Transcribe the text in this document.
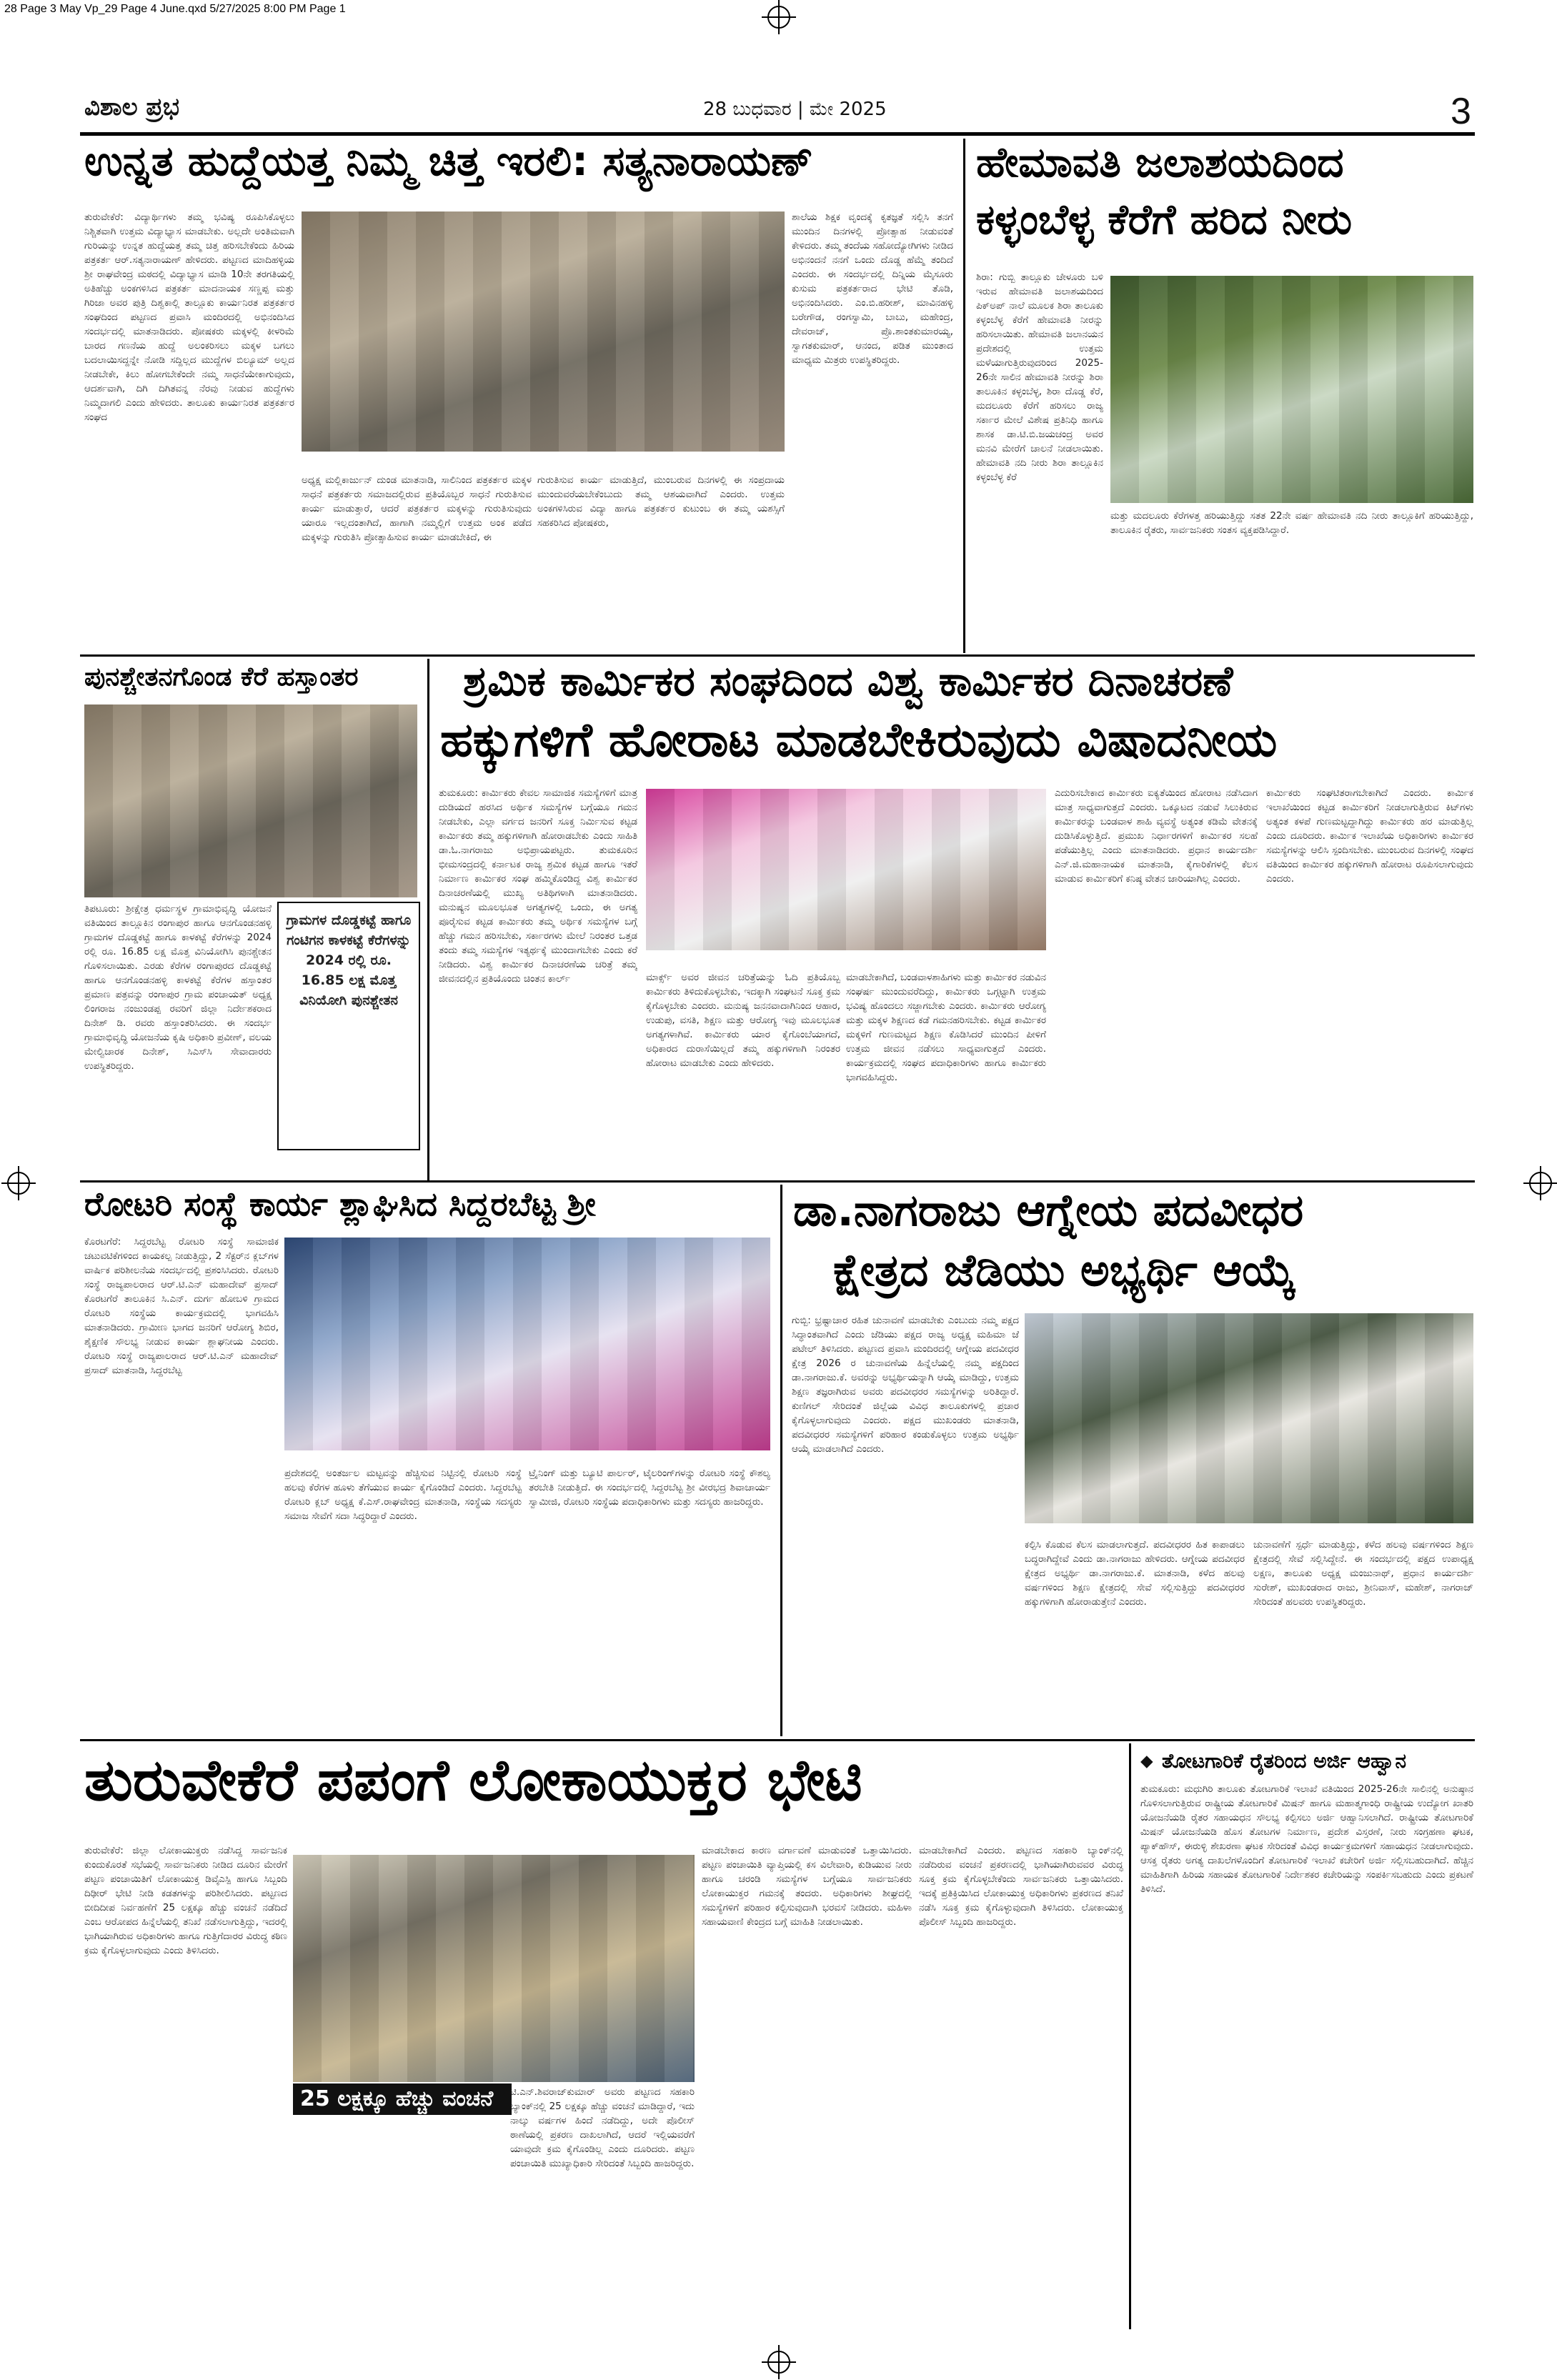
28 Page 3 May Vp_29 Page 4 June.qxd 5/27/2025 8:00 PM Page 1
ವಿಶಾಲ ಪ್ರಭ	28 ಬುಧವಾರ | ಮೇ 2025	3
ಉನ್ನತ ಹುದ್ದೆಯತ್ತ ನಿಮ್ಮ ಚಿತ್ತ ಇರಲಿ: ಸತ್ಯನಾರಾಯಣ್
ತುರುವೇಕೆರೆ: ವಿದ್ಯಾರ್ಥಿಗಳು ತಮ್ಮ ಭವಿಷ್ಯ ರೂಪಿಸಿಕೊಳ್ಳಲು ನಿಶ್ಚಿತವಾಗಿ ಉತ್ತಮ ವಿದ್ಯಾಭ್ಯಾಸ ಮಾಡಬೇಕು. ಅಲ್ಲದೇ ಅಂತಿಮವಾಗಿ ಗುರಿಯನ್ನು ಉನ್ನತ ಹುದ್ದೆಯತ್ತ ತಮ್ಮ ಚಿತ್ತ ಹರಿಸಬೇಕೆಂದು ಹಿರಿಯ ಪತ್ರಕರ್ತ ಆರ್.ಸತ್ಯನಾರಾಯಣ್ ಹೇಳಿದರು. ಪಟ್ಟಣದ ಮಾದಿಹಳ್ಳಿಯ ಶ್ರೀ ರಾಘವೇಂದ್ರ ಮಠದಲ್ಲಿ ವಿದ್ಯಾಭ್ಯಾಸ ಮಾಡಿ 10ನೇ ತರಗತಿಯಲ್ಲಿ ಅತಿಹೆಚ್ಚು ಅಂಕಗಳಿಸಿದ ಪತ್ರಕರ್ತ ಮಾದನಾಯಕ ಸಣ್ಣಪ್ಪ ಮತ್ತು ಗಿರಿಜಾ ಅವರ ಪುತ್ರಿ ದಿಶ್ವಕಾಲ್ಲಿ ತಾಲ್ಲೂಕು ಕಾರ್ಯನಿರತ ಪತ್ರಕರ್ತರ ಸಂಘದಿಂದ ಪಟ್ಟಣದ ಪ್ರವಾಸಿ ಮಂದಿರದಲ್ಲಿ ಅಭಿನಂದಿಸಿದ ಸಂದರ್ಭದಲ್ಲಿ ಮಾತನಾಡಿದರು. ಪೋಷಕರು ಮಕ್ಕಳಲ್ಲಿ ಕೀಳರಿಮೆ ಬಾರದ ಗಣನೆಯ ಹುದ್ದೆ ಅಲಂಕರಿಸಲು ಮಕ್ಕಳ ಬಗಲು ಬದಲಾಯಿಸದ್ದನ್ನೇ ನೋಡಿ ಸದ್ದಿಲ್ಲದ ಮುದ್ದೆಗಳ ಬಿಲ್ಯೂಮ್ ಅಲ್ಲದ ನೀಡಬೇಕೇ, ಕಿಲು ಹೋಗಬೇಕೆಂದೇ ನಮ್ಮ ಸಾಧನೆಯೇಕಾಗುವುದು, ಆದರ್ಶವಾಗಿ, ದಿಗಿ ದಿಗಿತವನ್ನ ನೆರವು ನೀಡುವ ಹುದ್ದೆಗಳು ನಿಮ್ಮದಾಗಲಿ ಎಂದು ಹೇಳಿದರು. ತಾಲೂಕು ಕಾರ್ಯನಿರತ ಪತ್ರಕರ್ತರ ಸಂಘದ
ಅಧ್ಯಕ್ಷ ಮಲ್ಲಿಕಾರ್ಜುನ್ ದುಂಡ ಮಾತನಾಡಿ, ಸಾಲಿನಿಂದ ಪತ್ರಕರ್ತರ ಮಕ್ಕಳ ಸಾಧನೆ ಪತ್ರಕರ್ತರು ಸಮಾಜದಲ್ಲಿರುವ ಪ್ರತಿಯೊಬ್ಬರ ಸಾಧನೆ ಗುರುತಿಸುವ ಕಾರ್ಯ ಮಾಡುತ್ತಾರೆ, ಆದರೆ ಪತ್ರಕರ್ತರ ಮಕ್ಕಳನ್ನು ಗುರುತಿಸುವುದು ಯಾರೂ ಇಲ್ಲದಂತಾಗಿದೆ, ಹಾಗಾಗಿ ನಮ್ಮಲ್ಲಿಗೆ ಉತ್ತಮ ಅಂಕ ಪಡೆದ ಮಕ್ಕಳನ್ನು ಗುರುತಿಸಿ ಪ್ರೋತ್ಸಾಹಿಸುವ ಕಾರ್ಯ ಮಾಡಬೇಕಿದೆ, ಈ
ಗುರುತಿಸುವ ಕಾರ್ಯ ಮಾಡುತ್ತಿದೆ, ಮುಂಬರುವ ದಿನಗಳಲ್ಲಿ ಈ ಸಂಪ್ರದಾಯ ಮುಂದುವರೆಯಬೇಕೆಂಬುದು ತಮ್ಮ ಆಶಯವಾಗಿದೆ ಎಂದರು. ಉತ್ತಮ ಅಂಕಗಳಿಸಿರುವ ವಿದ್ಯಾ ಹಾಗೂ ಪತ್ರಕರ್ತರ ಕುಟುಂಬ ಈ ತಮ್ಮ ಯಶಸ್ಸಿಗೆ ಸಹಕರಿಸಿದ ಪೋಷಕರು,
ಶಾಲೆಯ ಶಿಕ್ಷಕ ವೃಂದಕ್ಕೆ ಕೃತಜ್ಞತೆ ಸಲ್ಲಿಸಿ ತನಗೆ ಮುಂದಿನ ದಿನಗಳಲ್ಲಿ ಪ್ರೋತ್ಸಾಹ ನೀಡುವಂತೆ ಕೇಳಿದರು. ತಮ್ಮ ತಂದೆಯ ಸಹೋದ್ಯೋಗಿಗಳು ನೀಡಿದ ಅಭಿನಂದನೆ ನನಗೆ ಒಂದು ದೊಡ್ಡ ಹೆಮ್ಮೆ ತಂದಿದೆ ಎಂದರು. ಈ ಸಂದರ್ಭದಲ್ಲಿ ದಿನ್ನಿಯ ಮೈಸೂರು ಕುಸುಮ ಪತ್ರಕರ್ತರಾದ ಭೇಟಿ ತೊಡಿ, ಅಭಿನಂದಿಸಿದರು. ಎಂ.ಬಿ.ಹರೀಶ್, ಮಾವಿನಹಳ್ಳಿ ಬರೇಗೌಡ, ರಂಗಸ್ವಾಮಿ, ಬಾಬು, ಮಹೇಂದ್ರ, ದೇವರಾಜ್, ಪ್ರೊ.ಶಾಂತಕುಮಾರಯ್ಯ, ಸ್ವಾಗತಕುಮಾರ್, ಆನಂದ, ಪಡಿತ ಮುಂತಾದ ಮಾಧ್ಯಮ ಮಿತ್ರರು ಉಪಸ್ಥಿತರಿದ್ದರು.
ಹೇಮಾವತಿ ಜಲಾಶಯದಿಂದ
ಕಳ್ಳಂಬೆಳ್ಳ ಕೆರೆಗೆ ಹರಿದ ನೀರು
ಶಿರಾ: ಗುಬ್ಬಿ ತಾಲ್ಲೂಕು ಚೇಳೂರು ಬಳಿ ಇರುವ ಹೇಮಾವತಿ ಜಲಾಶಯದಿಂದ ಪಿಕ್‌ಅಪ್ ನಾಲೆ ಮೂಲಕ ಶಿರಾ ತಾಲೂಕು ಕಳ್ಳಂಬೆಳ್ಳ ಕೆರೆಗೆ ಹೇಮಾವತಿ ನೀರನ್ನು ಹರಿಸಲಾಯಿತು. ಹೇಮಾವತಿ ಜಲಾನಯನ ಪ್ರದೇಶದಲ್ಲಿ ಉತ್ತಮ ಮಳೆಯಾಗುತ್ತಿರುವುದರಿಂದ 2025-26ನೇ ಸಾಲಿನ ಹೇಮಾವತಿ ನೀರನ್ನು ಶಿರಾ ತಾಲೂಕಿನ ಕಳ್ಳಂಬೆಳ್ಳ, ಶಿರಾ ದೊಡ್ಡ ಕೆರೆ, ಮದಲೂರು ಕೆರೆಗೆ ಹರಿಸಲು ರಾಜ್ಯ ಸರ್ಕಾರ ಮೇಲೆ ವಿಶೇಷ ಪ್ರತಿನಿಧಿ ಹಾಗೂ ಶಾಸಕ ಡಾ.ಟಿ.ಬಿ.ಜಯಚಂದ್ರ ಅವರ ಮನವಿ ಮೇರೆಗೆ ಚಾಲನೆ ನೀಡಲಾಯಿತು. ಹೇಮಾವತಿ ನದಿ ನೀರು ಶಿರಾ ತಾಲ್ಲೂಕಿನ ಕಳ್ಳಂಬೆಳ್ಳ ಕೆರೆ
ಮತ್ತು ಮದಲೂರು ಕೆರೆಗಳತ್ತ ಹರಿಯುತ್ತಿದ್ದು ಸತತ 22ನೇ ವರ್ಷ ಹೇಮಾವತಿ ನದಿ ನೀರು ತಾಲ್ಲೂಕಿಗೆ ಹರಿಯುತ್ತಿದ್ದು, ತಾಲೂಕಿನ ರೈತರು, ಸಾರ್ವಜನಿಕರು ಸಂತಸ ವ್ಯಕ್ತಪಡಿಸಿದ್ದಾರೆ.
ಪುನಶ್ಚೇತನಗೊಂಡ ಕೆರೆ ಹಸ್ತಾಂತರ
ಗ್ರಾಮಗಳ ದೊಡ್ಡಕಟ್ಟೆ ಹಾಗೂ ಗಂಟಿಗನ ಕಾಳಕಟ್ಟೆ ಕೆರೆಗಳನ್ನು 2024 ರಲ್ಲಿ ರೂ. 16.85 ಲಕ್ಷ ಮೊತ್ತ ವಿನಿಯೋಗಿ ಪುನಶ್ಚೇತನ
ತಿಪಟೂರು: ಶ್ರೀಕ್ಷೇತ್ರ ಧರ್ಮಸ್ಥಳ ಗ್ರಾಮಾಭಿವೃದ್ಧಿ ಯೋಜನೆ ವತಿಯಿಂದ ತಾಲ್ಲೂಕಿನ ರಂಗಾಪುರ ಹಾಗೂ ಆನಗೊಂಡನಹಳ್ಳಿ ಗ್ರಾಮಗಳ ದೊಡ್ಡಕಟ್ಟೆ ಹಾಗೂ ಕಾಳಕಟ್ಟೆ ಕೆರೆಗಳನ್ನು 2024 ರಲ್ಲಿ ರೂ. 16.85 ಲಕ್ಷ ಮೊತ್ತ ವಿನಿಯೋಗಿಸಿ ಪುನಶ್ಚೇತನ ಗೊಳಿಸಲಾಯಿತು. ಎರಡು ಕೆರೆಗಳ ರಂಗಾಪುರದ ದೊಡ್ಡಕಟ್ಟೆ ಹಾಗೂ ಆನಗೊಂಡನಹಳ್ಳಿ ಕಾಳಕಟ್ಟೆ ಕೆರೆಗಳ ಹಸ್ತಾಂತರ ಪ್ರಮಾಣ ಪತ್ರವನ್ನು ರಂಗಾಪುರ ಗ್ರಾಮ ಪಂಚಾಯತ್ ಅಧ್ಯಕ್ಷ ಲಿಂಗರಾಜ ನಂಜುಂಡಪ್ಪ ರವರಿಗೆ ಜಿಲ್ಲಾ ನಿರ್ದೇಶಕರಾದ ದಿನೇಶ್ ಡಿ. ರವರು ಹಸ್ತಾಂತರಿಸಿದರು. ಈ ಸಂದರ್ಭ ಗ್ರಾಮಾಭಿವೃದ್ಧಿ ಯೋಜನೆಯ ಕೃಷಿ ಅಧಿಕಾರಿ ಪ್ರವೀಣ್, ವಲಯ ಮೇಲ್ವಿಚಾರಕ ದಿನೇಶ್, ಸಿಎಸ್‌ಸಿ ಸೇವಾದಾರರು ಉಪಸ್ಥಿತರಿದ್ದರು.
ಶ್ರಮಿಕ ಕಾರ್ಮಿಕರ ಸಂಘದಿಂದ ವಿಶ್ವ ಕಾರ್ಮಿಕರ ದಿನಾಚರಣೆ
ಹಕ್ಕುಗಳಿಗೆ ಹೋರಾಟ ಮಾಡಬೇಕಿರುವುದು ವಿಷಾದನೀಯ
ತುಮಕೂರು: ಕಾರ್ಮಿಕರು ಕೇವಲ ಸಾಮಾಜಿಕ ಸಮಸ್ಯೆಗಳಿಗೆ ಮಾತ್ರ ದುಡಿಯದೆ ಹರಸಿದ ಅರ್ಥಿಕ ಸಮಸ್ಯೆಗಳ ಬಗ್ಗೆಯೂ ಗಮನ ನೀಡಬೇಕು, ಎಲ್ಲಾ ವರ್ಗದ ಜನರಿಗೆ ಸೂಕ್ತ ನಿರ್ಮಿಸುವ ಕಟ್ಟಡ ಕಾರ್ಮಿಕರು ತಮ್ಮ ಹಕ್ಕುಗಳಿಗಾಗಿ ಹೋರಾಡಬೇಕು ಎಂದು ಸಾಹಿತಿ ಡಾ.ಓ.ನಾಗರಾಜು ಅಭಿಪ್ರಾಯಪಟ್ಟರು. ತುಮಕೂರಿನ ಭೀಮಸಂದ್ರದಲ್ಲಿ ಕರ್ನಾಟಕ ರಾಜ್ಯ ಶ್ರಮಿಕ ಕಟ್ಟಡ ಹಾಗೂ ಇತರೆ ನಿರ್ಮಾಣ ಕಾರ್ಮಿಕರ ಸಂಘ ಹಮ್ಮಿಕೊಂಡಿದ್ದ ವಿಶ್ವ ಕಾರ್ಮಿಕರ ದಿನಾಚರಣೆಯಲ್ಲಿ ಮುಖ್ಯ ಅತಿಥಿಗಳಾಗಿ ಮಾತನಾಡಿದರು. ಮನುಷ್ಯನ ಮೂಲಭೂತ ಅಗತ್ಯಗಳಲ್ಲಿ ಒಂದು, ಈ ಅಗತ್ಯ ಪೂರೈಸುವ ಕಟ್ಟಡ ಕಾರ್ಮಿಕರು ತಮ್ಮ ಅರ್ಥಿಕ ಸಮಸ್ಯೆಗಳ ಬಗ್ಗೆ ಹೆಚ್ಚು ಗಮನ ಹರಿಸಬೇಕು, ಸರ್ಕಾರಗಳು ಮೇಲೆ ನಿರಂತರ ಒತ್ತಡ ತಂದು ತಮ್ಮ ಸಮಸ್ಯೆಗಳ ಇತ್ಯರ್ಥಕ್ಕೆ ಮುಂದಾಗಬೇಕು ಎಂದು ಕರೆ ನೀಡಿದರು. ವಿಶ್ವ ಕಾರ್ಮಿಕರ ದಿನಾಚರಣೆಯ ಚರಿತ್ರೆ ತಮ್ಮ ಜೀವನದಲ್ಲಿನ ಪ್ರತಿಯೊಂದು ಚಿಂತನ ಕಾರ್ಲ್	ಮಾರ್ಕ್ಸ್ ಅವರ ಜೀವನ ಚರಿತ್ರೆಯನ್ನು ಓದಿ ಪ್ರತಿಯೊಬ್ಬ ಕಾರ್ಮಿಕರು ತಿಳಿದುಕೊಳ್ಳಬೇಕು, ಇದಕ್ಕಾಗಿ ಸಂಘಟನೆ ಸೂಕ್ತ ಕ್ರಮ ಕೈಗೊಳ್ಳಬೇಕು ಎಂದರು. ಮನುಷ್ಯ ಜನನವಾದಾಗಿನಿಂದ ಆಹಾರ, ಉಡುಪು, ವಸತಿ, ಶಿಕ್ಷಣ ಮತ್ತು ಆರೋಗ್ಯ ಇವು ಮೂಲಭೂತ ಅಗತ್ಯಗಳಾಗಿವೆ. ಕಾರ್ಮಿಕರು ಯಾರ ಕೈಗೊಂಬೆಯಾಗದೆ, ಅಧಿಕಾರದ ದುರಾಸೆಯಿಲ್ಲದೆ ತಮ್ಮ ಹಕ್ಕುಗಳಿಗಾಗಿ ನಿರಂತರ ಹೋರಾಟ ಮಾಡಬೇಕು ಎಂದು ಹೇಳಿದರು.
ಮಾಡಬೇಕಾಗಿದೆ, ಬಂಡವಾಳಶಾಹಿಗಳು ಮತ್ತು ಕಾರ್ಮಿಕರ ನಡುವಿನ ಸಂಘರ್ಷ ಮುಂದುವರೆದಿದ್ದು, ಕಾರ್ಮಿಕರು ಒಗ್ಗಟ್ಟಾಗಿ ಉತ್ತಮ ಭವಿಷ್ಯ ಹೊಂದಲು ಸಜ್ಜಾಗಬೇಕು ಎಂದರು. ಕಾರ್ಮಿಕರು ಆರೋಗ್ಯ ಮತ್ತು ಮಕ್ಕಳ ಶಿಕ್ಷಣದ ಕಡೆ ಗಮನಹರಿಸಬೇಕು. ಕಟ್ಟಡ ಕಾರ್ಮಿಕರ ಮಕ್ಕಳಿಗೆ ಗುಣಮಟ್ಟದ ಶಿಕ್ಷಣ ಕೊಡಿಸಿದರೆ ಮುಂದಿನ ಪೀಳಿಗೆ ಉತ್ತಮ ಜೀವನ ನಡೆಸಲು ಸಾಧ್ಯವಾಗುತ್ತದೆ ಎಂದರು. ಕಾರ್ಯಕ್ರಮದಲ್ಲಿ ಸಂಘದ ಪದಾಧಿಕಾರಿಗಳು ಹಾಗೂ ಕಾರ್ಮಿಕರು ಭಾಗವಹಿಸಿದ್ದರು.
ಎದುರಿಸಬೇಕಾದ ಕಾರ್ಮಿಕರು ಐಕ್ಯತೆಯಿಂದ ಹೋರಾಟ ನಡೆಸಿದಾಗ ಮಾತ್ರ ಸಾಧ್ಯವಾಗುತ್ತದೆ ಎಂದರು. ಒಕ್ಕೂಟದ ನಡುವೆ ಸಿಲುಕಿರುವ ಕಾರ್ಮಿಕರನ್ನು ಬಂಡವಾಳ ಶಾಹಿ ವ್ಯವಸ್ಥೆ ಅತ್ಯಂತ ಕಡಿಮೆ ವೇತನಕ್ಕೆ ದುಡಿಸಿಕೊಳ್ಳುತ್ತಿದೆ. ಪ್ರಮುಖ ನಿರ್ಧಾರಗಳಿಗೆ ಕಾರ್ಮಿಕರ ಸಲಹೆ ಪಡೆಯುತ್ತಿಲ್ಲ ಎಂದು ಮಾತನಾಡಿದರು. ಪ್ರಧಾನ ಕಾರ್ಯದರ್ಶಿ ಎನ್.ಜಿ.ಮಹಾನಾಯಕ ಮಾತನಾಡಿ, ಕೈಗಾರಿಕೆಗಳಲ್ಲಿ ಕೆಲಸ ಮಾಡುವ ಕಾರ್ಮಿಕರಿಗೆ ಕನಿಷ್ಠ ವೇತನ ಜಾರಿಯಾಗಿಲ್ಲ ಎಂದರು.
ಕಾರ್ಮಿಕರು ಸಂಘಟಿತರಾಗಬೇಕಾಗಿದೆ ಎಂದರು. ಕಾರ್ಮಿಕ ಇಲಾಖೆಯಿಂದ ಕಟ್ಟಡ ಕಾರ್ಮಿಕರಿಗೆ ನೀಡಲಾಗುತ್ತಿರುವ ಕಿಟ್‌ಗಳು ಅತ್ಯಂತ ಕಳಪೆ ಗುಣಮಟ್ಟದ್ದಾಗಿದ್ದು ಕಾರ್ಮಿಕರು ಹರ ಮಾಡುತ್ತಿಲ್ಲ ಎಂದು ದೂರಿದರು. ಕಾರ್ಮಿಕ ಇಲಾಖೆಯ ಅಧಿಕಾರಿಗಳು ಕಾರ್ಮಿಕರ ಸಮಸ್ಯೆಗಳನ್ನು ಆಲಿಸಿ ಸ್ಪಂದಿಸಬೇಕು. ಮುಂಬರುವ ದಿನಗಳಲ್ಲಿ ಸಂಘದ ವತಿಯಿಂದ ಕಾರ್ಮಿಕರ ಹಕ್ಕುಗಳಿಗಾಗಿ ಹೋರಾಟ ರೂಪಿಸಲಾಗುವುದು ಎಂದರು.
ರೋಟರಿ ಸಂಸ್ಥೆ ಕಾರ್ಯ ಶ್ಲಾಘಿಸಿದ ಸಿದ್ದರಬೆಟ್ಟ ಶ್ರೀ
ಕೊರಟಗೆರೆ: ಸಿದ್ದರಬೆಟ್ಟ ರೋಟರಿ ಸಂಸ್ಥೆ ಸಾಮಾಜಿಕ ಚಟುವಟಿಕೆಗಳಿಂದ ಕಾಯಕಲ್ಪ ನೀಡುತ್ತಿದ್ದು, 2 ಸೆಕ್ಟರ್‌ನ ಕ್ಲಬ್‌ಗಳ ವಾರ್ಷಿಕ ಪರಿಶೀಲನೆಯ ಸಂದರ್ಭದಲ್ಲಿ ಪ್ರಶಂಸಿಸಿದರು. ರೋಟರಿ ಸಂಸ್ಥೆ ರಾಜ್ಯಪಾಲರಾದ ಆರ್.ಟಿ.ಎನ್ ಮಹಾದೇವ್ ಪ್ರಸಾದ್ ಕೊರಟಗೆರೆ ತಾಲೂಕಿನ ಸಿ.ಎನ್. ದುರ್ಗ ಹೋಬಳಿ ಗ್ರಾಮದ ರೋಟರಿ ಸಂಸ್ಥೆಯ ಕಾರ್ಯಕ್ರಮದಲ್ಲಿ ಭಾಗವಹಿಸಿ ಮಾತನಾಡಿದರು. ಗ್ರಾಮೀಣ ಭಾಗದ ಜನರಿಗೆ ಆರೋಗ್ಯ ಶಿಬಿರ, ಶೈಕ್ಷಣಿಕ ಸೌಲಭ್ಯ ನೀಡುವ ಕಾರ್ಯ ಶ್ಲಾಘನೀಯ ಎಂದರು. ರೋಟರಿ ಸಂಸ್ಥೆ ರಾಜ್ಯಪಾಲರಾದ ಆರ್.ಟಿ.ಎನ್ ಮಹಾದೇವ್ ಪ್ರಸಾದ್ ಮಾತನಾಡಿ, ಸಿದ್ದರಬೆಟ್ಟ
ಪ್ರದೇಶದಲ್ಲಿ ಅಂತರ್ಜಲ ಮಟ್ಟವನ್ನು ಹೆಚ್ಚಿಸುವ ನಿಟ್ಟಿನಲ್ಲಿ ರೋಟರಿ ಸಂಸ್ಥೆ ಹಲವು ಕೆರೆಗಳ ಹೂಳು ತೆಗೆಯುವ ಕಾರ್ಯ ಕೈಗೊಂಡಿದೆ ಎಂದರು. ಸಿದ್ದರಬೆಟ್ಟ ರೋಟರಿ ಕ್ಲಬ್ ಅಧ್ಯಕ್ಷ ಕೆ.ಎಸ್.ರಾಘವೇಂದ್ರ ಮಾತನಾಡಿ, ಸಂಸ್ಥೆಯ ಸದಸ್ಯರು ಸಮಾಜ ಸೇವೆಗೆ ಸದಾ ಸಿದ್ಧರಿದ್ದಾರೆ ಎಂದರು.
ಟ್ರೈನಿಂಗ್ ಮತ್ತು ಬ್ಯೂಟಿ ಪಾರ್ಲರ್, ಟೈಲರಿಂಗ್‌ಗಳನ್ನು ರೋಟರಿ ಸಂಸ್ಥೆ ಕೌಶಲ್ಯ ತರಬೇತಿ ನೀಡುತ್ತಿದೆ. ಈ ಸಂದರ್ಭದಲ್ಲಿ ಸಿದ್ದರಬೆಟ್ಟ ಶ್ರೀ ವೀರಭದ್ರ ಶಿವಾಚಾರ್ಯ ಸ್ವಾಮೀಜಿ, ರೋಟರಿ ಸಂಸ್ಥೆಯ ಪದಾಧಿಕಾರಿಗಳು ಮತ್ತು ಸದಸ್ಯರು ಹಾಜರಿದ್ದರು.
ಡಾ.ನಾಗರಾಜು ಆಗ್ನೇಯ ಪದವೀಧರ
ಕ್ಷೇತ್ರದ ಜೆಡಿಯು ಅಭ್ಯರ್ಥಿ ಆಯ್ಕೆ
ಗುಬ್ಬಿ: ಭ್ರಷ್ಟಾಚಾರ ರಹಿತ ಚುನಾವಣೆ ಮಾಡಬೇಕು ಎಂಬುದು ನಮ್ಮ ಪಕ್ಷದ ಸಿದ್ಧಾಂತವಾಗಿದೆ ಎಂದು ಜೆಡಿಯು ಪಕ್ಷದ ರಾಜ್ಯ ಅಧ್ಯಕ್ಷ ಮಹಿಮಾ ಜೆ ಪಟೇಲ್ ತಿಳಿಸಿದರು. ಪಟ್ಟಣದ ಪ್ರವಾಸಿ ಮಂದಿರದಲ್ಲಿ ಆಗ್ನೇಯ ಪದವೀಧರ ಕ್ಷೇತ್ರ 2026 ರ ಚುನಾವಣೆಯ ಹಿನ್ನೆಲೆಯಲ್ಲಿ ನಮ್ಮ ಪಕ್ಷದಿಂದ ಡಾ.ನಾಗರಾಜು.ಕೆ. ಅವರನ್ನು ಅಭ್ಯರ್ಥಿಯನ್ನಾಗಿ ಆಯ್ಕೆ ಮಾಡಿದ್ದು, ಉತ್ತಮ ಶಿಕ್ಷಣ ತಜ್ಞರಾಗಿರುವ ಅವರು ಪದವೀಧರರ ಸಮಸ್ಯೆಗಳನ್ನು ಅರಿತಿದ್ದಾರೆ. ಕುಣಿಗಲ್ ಸೇರಿದಂತೆ ಜಿಲ್ಲೆಯ ವಿವಿಧ ತಾಲೂಕುಗಳಲ್ಲಿ ಪ್ರಚಾರ ಕೈಗೊಳ್ಳಲಾಗುವುದು ಎಂದರು. ಪಕ್ಷದ ಮುಖಂಡರು ಮಾತನಾಡಿ, ಪದವೀಧರರ ಸಮಸ್ಯೆಗಳಿಗೆ ಪರಿಹಾರ ಕಂಡುಕೊಳ್ಳಲು ಉತ್ತಮ ಅಭ್ಯರ್ಥಿ ಆಯ್ಕೆ ಮಾಡಲಾಗಿದೆ ಎಂದರು.
ಕಲ್ಪಿಸಿ ಕೊಡುವ ಕೆಲಸ ಮಾಡಲಾಗುತ್ತದೆ. ಪದವೀಧರರ ಹಿತ ಕಾಪಾಡಲು ಬದ್ಧರಾಗಿದ್ದೇವೆ ಎಂದು ಡಾ.ನಾಗರಾಜು ಹೇಳಿದರು. ಆಗ್ನೇಯ ಪದವೀಧರ ಕ್ಷೇತ್ರದ ಅಭ್ಯರ್ಥಿ ಡಾ.ನಾಗರಾಜು.ಕೆ. ಮಾತನಾಡಿ, ಕಳೆದ ಹಲವು ವರ್ಷಗಳಿಂದ ಶಿಕ್ಷಣ ಕ್ಷೇತ್ರದಲ್ಲಿ ಸೇವೆ ಸಲ್ಲಿಸುತ್ತಿದ್ದು ಪದವೀಧರರ ಹಕ್ಕುಗಳಿಗಾಗಿ ಹೋರಾಡುತ್ತೇನೆ ಎಂದರು.
ಚುನಾವಣೆಗೆ ಸ್ಪರ್ಧೆ ಮಾಡುತ್ತಿದ್ದು, ಕಳೆದ ಹಲವು ವರ್ಷಗಳಿಂದ ಶಿಕ್ಷಣ ಕ್ಷೇತ್ರದಲ್ಲಿ ಸೇವೆ ಸಲ್ಲಿಸಿದ್ದೇನೆ. ಈ ಸಂದರ್ಭದಲ್ಲಿ ಪಕ್ಷದ ಉಪಾಧ್ಯಕ್ಷ ಲಕ್ಷಣ, ತಾಲೂಕು ಅಧ್ಯಕ್ಷ ಮಂಜುನಾಥ್, ಪ್ರಧಾನ ಕಾರ್ಯದರ್ಶಿ ಸುರೇಶ್, ಮುಖಂಡರಾದ ರಾಜು, ಶ್ರೀನಿವಾಸ್, ಮಹೇಶ್, ನಾಗರಾಜ್ ಸೇರಿದಂತೆ ಹಲವರು ಉಪಸ್ಥಿತರಿದ್ದರು.
ತುರುವೇಕೆರೆ ಪಪಂಗೆ ಲೋಕಾಯುಕ್ತರ ಭೇಟಿ
ತುರುವೇಕೆರೆ: ಜಿಲ್ಲಾ ಲೋಕಾಯುಕ್ತರು ನಡೆಸಿದ್ದ ಸಾರ್ವಜನಿಕ ಕುಂದುಕೊರತೆ ಸಭೆಯಲ್ಲಿ ಸಾರ್ವಜನಿಕರು ನೀಡಿದ ದೂರಿನ ಮೇರೆಗೆ ಪಟ್ಟಣ ಪಂಚಾಯಿತಿಗೆ ಲೋಕಾಯುಕ್ತ ಡಿವೈಎಸ್ಪಿ ಹಾಗೂ ಸಿಬ್ಬಂದಿ ದಿಢೀರ್ ಭೇಟಿ ನೀಡಿ ಕಡತಗಳನ್ನು ಪರಿಶೀಲಿಸಿದರು. ಪಟ್ಟಣದ ಬೀದಿದೀಪ ನಿರ್ವಹಣೆಗೆ 25 ಲಕ್ಷಕ್ಕೂ ಹೆಚ್ಚು ವಂಚನೆ ನಡೆದಿದೆ ಎಂಬ ಆರೋಪದ ಹಿನ್ನೆಲೆಯಲ್ಲಿ ತನಿಖೆ ನಡೆಸಲಾಗುತ್ತಿದ್ದು, ಇದರಲ್ಲಿ ಭಾಗಿಯಾಗಿರುವ ಅಧಿಕಾರಿಗಳು ಹಾಗೂ ಗುತ್ತಿಗೆದಾರರ ವಿರುದ್ಧ ಕಠಿಣ ಕ್ರಮ ಕೈಗೊಳ್ಳಲಾಗುವುದು ಎಂದು ತಿಳಿಸಿದರು.
25 ಲಕ್ಷಕ್ಕೂ ಹೆಚ್ಚು ವಂಚನೆ	ಟಿ.ಎನ್.ಶಿವರಾಜ್‌ಕುಮಾರ್ ಅವರು ಪಟ್ಟಣದ ಸಹಕಾರಿ ಬ್ಯಾಂಕ್‌ನಲ್ಲಿ 25 ಲಕ್ಷಕ್ಕೂ ಹೆಚ್ಚು ವಂಚನೆ ಮಾಡಿದ್ದಾರೆ, ಇದು ನಾಲ್ಕು ವರ್ಷಗಳ ಹಿಂದೆ ನಡೆದಿದ್ದು, ಅದೇ ಪೊಲೀಸ್ ಠಾಣೆಯಲ್ಲಿ ಪ್ರಕರಣ ದಾಖಲಾಗಿದೆ, ಆದರೆ ಇಲ್ಲಿಯವರೆಗೆ ಯಾವುದೇ ಕ್ರಮ ಕೈಗೊಂಡಿಲ್ಲ ಎಂದು ದೂರಿದರು. ಪಟ್ಟಣ ಪಂಚಾಯಿತಿ ಮುಖ್ಯಾಧಿಕಾರಿ ಸೇರಿದಂತೆ ಸಿಬ್ಬಂದಿ ಹಾಜರಿದ್ದರು.
ಮಾಡಬೇಕಾದ ಕಾರಣ ವರ್ಗಾವಣೆ ಮಾಡುವಂತೆ ಒತ್ತಾಯಿಸಿದರು. ಪಟ್ಟಣ ಪಂಚಾಯಿತಿ ವ್ಯಾಪ್ತಿಯಲ್ಲಿ ಕಸ ವಿಲೇವಾರಿ, ಕುಡಿಯುವ ನೀರು ಹಾಗೂ ಚರಂಡಿ ಸಮಸ್ಯೆಗಳ ಬಗ್ಗೆಯೂ ಸಾರ್ವಜನಿಕರು ಲೋಕಾಯುಕ್ತರ ಗಮನಕ್ಕೆ ತಂದರು. ಅಧಿಕಾರಿಗಳು ಶೀಘ್ರದಲ್ಲಿ ಸಮಸ್ಯೆಗಳಿಗೆ ಪರಿಹಾರ ಕಲ್ಪಿಸುವುದಾಗಿ ಭರವಸೆ ನೀಡಿದರು. ಮಹಿಳಾ ಸಹಾಯವಾಣಿ ಕೇಂದ್ರದ ಬಗ್ಗೆ ಮಾಹಿತಿ ನೀಡಲಾಯಿತು.
ಮಾಡಬೇಕಾಗಿದೆ ಎಂದರು. ಪಟ್ಟಣದ ಸಹಕಾರಿ ಬ್ಯಾಂಕ್‌ನಲ್ಲಿ ನಡೆದಿರುವ ವಂಚನೆ ಪ್ರಕರಣದಲ್ಲಿ ಭಾಗಿಯಾಗಿರುವವರ ವಿರುದ್ಧ ಸೂಕ್ತ ಕ್ರಮ ಕೈಗೊಳ್ಳಬೇಕೆಂದು ಸಾರ್ವಜನಿಕರು ಒತ್ತಾಯಿಸಿದರು. ಇದಕ್ಕೆ ಪ್ರತಿಕ್ರಿಯಿಸಿದ ಲೋಕಾಯುಕ್ತ ಅಧಿಕಾರಿಗಳು ಪ್ರಕರಣದ ತನಿಖೆ ನಡೆಸಿ ಸೂಕ್ತ ಕ್ರಮ ಕೈಗೊಳ್ಳುವುದಾಗಿ ತಿಳಿಸಿದರು. ಲೋಕಾಯುಕ್ತ ಪೊಲೀಸ್ ಸಿಬ್ಬಂದಿ ಹಾಜರಿದ್ದರು.
◆ ತೋಟಗಾರಿಕೆ ರೈತರಿಂದ ಅರ್ಜಿ ಆಹ್ವಾನ
ತುಮಕೂರು: ಮಧುಗಿರಿ ತಾಲೂಕು ತೋಟಗಾರಿಕೆ ಇಲಾಖೆ ವತಿಯಿಂದ 2025-26ನೇ ಸಾಲಿನಲ್ಲಿ ಅನುಷ್ಠಾನ ಗೊಳಿಸಲಾಗುತ್ತಿರುವ ರಾಷ್ಟ್ರೀಯ ತೋಟಗಾರಿಕೆ ಮಿಷನ್ ಹಾಗೂ ಮಹಾತ್ಮಗಾಂಧಿ ರಾಷ್ಟ್ರೀಯ ಉದ್ಯೋಗ ಖಾತರಿ ಯೋಜನೆಯಡಿ ರೈತರ ಸಹಾಯಧನ ಸೌಲಭ್ಯ ಕಲ್ಪಿಸಲು ಅರ್ಜಿ ಆಹ್ವಾನಿಸಲಾಗಿದೆ. ರಾಷ್ಟ್ರೀಯ ತೋಟಗಾರಿಕೆ ಮಿಷನ್ ಯೋಜನೆಯಡಿ ಹೊಸ ತೋಟಗಳ ನಿರ್ಮಾಣ, ಪ್ರದೇಶ ವಿಸ್ತರಣೆ, ನೀರು ಸಂಗ್ರಹಣಾ ಘಟಕ, ಪ್ಯಾಕ್‌ಹೌಸ್, ಈರುಳ್ಳಿ ಶೇಖರಣಾ ಘಟಕ ಸೇರಿದಂತೆ ವಿವಿಧ ಕಾರ್ಯಕ್ರಮಗಳಿಗೆ ಸಹಾಯಧನ ನೀಡಲಾಗುವುದು. ಆಸಕ್ತ ರೈತರು ಅಗತ್ಯ ದಾಖಲೆಗಳೊಂದಿಗೆ ತೋಟಗಾರಿಕೆ ಇಲಾಖೆ ಕಚೇರಿಗೆ ಅರ್ಜಿ ಸಲ್ಲಿಸಬಹುದಾಗಿದೆ. ಹೆಚ್ಚಿನ ಮಾಹಿತಿಗಾಗಿ ಹಿರಿಯ ಸಹಾಯಕ ತೋಟಗಾರಿಕೆ ನಿರ್ದೇಶಕರ ಕಚೇರಿಯನ್ನು ಸಂಪರ್ಕಿಸಬಹುದು ಎಂದು ಪ್ರಕಟಣೆ ತಿಳಿಸಿದೆ.
